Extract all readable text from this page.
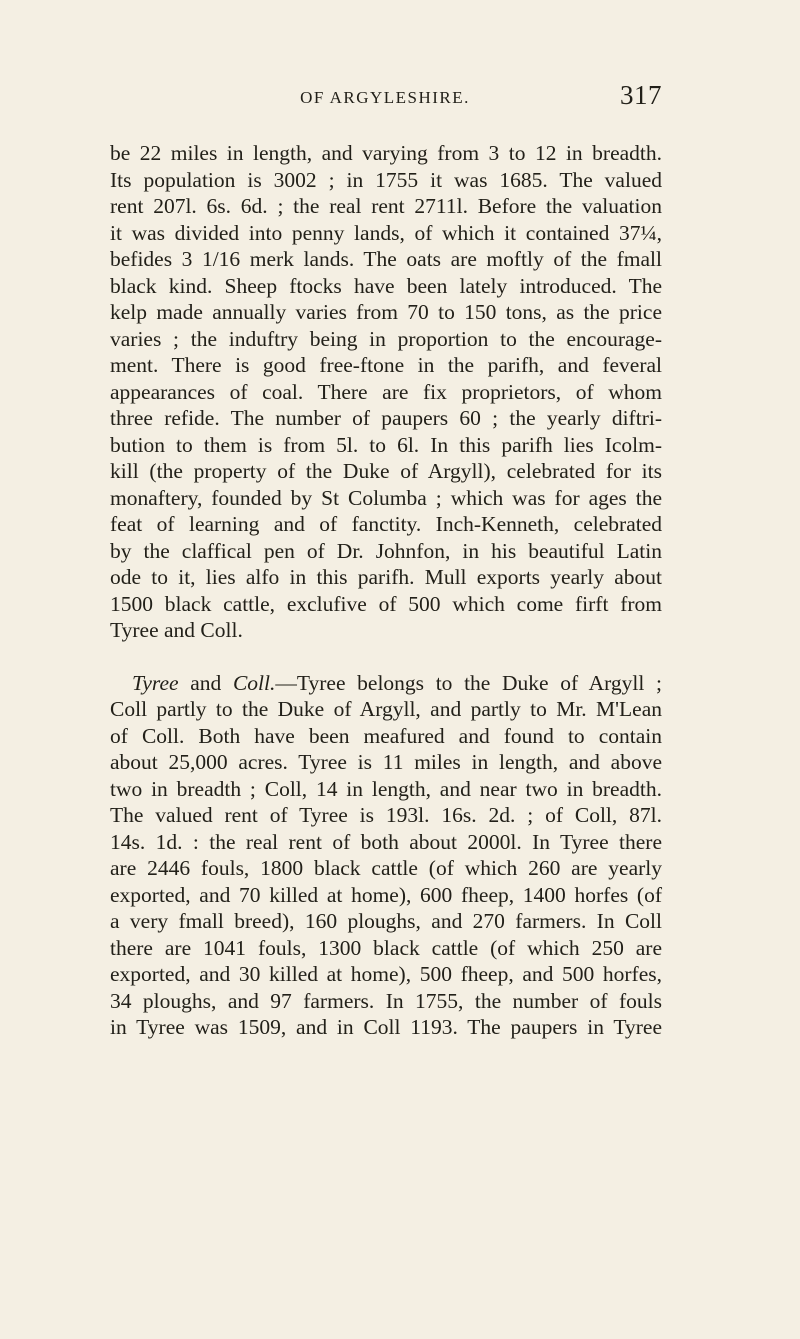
OF ARGYLESHIRE.	317
be 22 miles in length, and varying from 3 to 12 in breadth.
Its population is 3002 ; in 1755 it was 1685. The valued
rent 207l. 6s. 6d. ; the real rent 2711l. Before the valuation
it was divided into penny lands, of which it contained 37¼,
befides 3 1/16 merk lands. The oats are moftly of the fmall
black kind. Sheep ftocks have been lately introduced. The
kelp made annually varies from 70 to 150 tons, as the price
varies ; the induftry being in proportion to the encourage-
ment. There is good free-ftone in the parifh, and feveral
appearances of coal. There are fix proprietors, of whom
three refide. The number of paupers 60 ; the yearly diftri-
bution to them is from 5l. to 6l. In this parifh lies Icolm-
kill (the property of the Duke of Argyll), celebrated for its
monaftery, founded by St Columba ; which was for ages the
feat of learning and of fanctity. Inch-Kenneth, celebrated
by the claffical pen of Dr. Johnfon, in his beautiful Latin
ode to it, lies alfo in this parifh. Mull exports yearly about
1500 black cattle, exclufive of 500 which come firft from
Tyree and Coll.
Tyree and Coll.—Tyree belongs to the Duke of Argyll ;
Coll partly to the Duke of Argyll, and partly to Mr. M'Lean
of Coll. Both have been meafured and found to contain
about 25,000 acres. Tyree is 11 miles in length, and above
two in breadth ; Coll, 14 in length, and near two in breadth.
The valued rent of Tyree is 193l. 16s. 2d. ; of Coll, 87l.
14s. 1d. : the real rent of both about 2000l. In Tyree there
are 2446 fouls, 1800 black cattle (of which 260 are yearly
exported, and 70 killed at home), 600 fheep, 1400 horfes (of
a very fmall breed), 160 ploughs, and 270 farmers. In Coll
there are 1041 fouls, 1300 black cattle (of which 250 are
exported, and 30 killed at home), 500 fheep, and 500 horfes,
34 ploughs, and 97 farmers. In 1755, the number of fouls
in Tyree was 1509, and in Coll 1193. The paupers in Tyree
